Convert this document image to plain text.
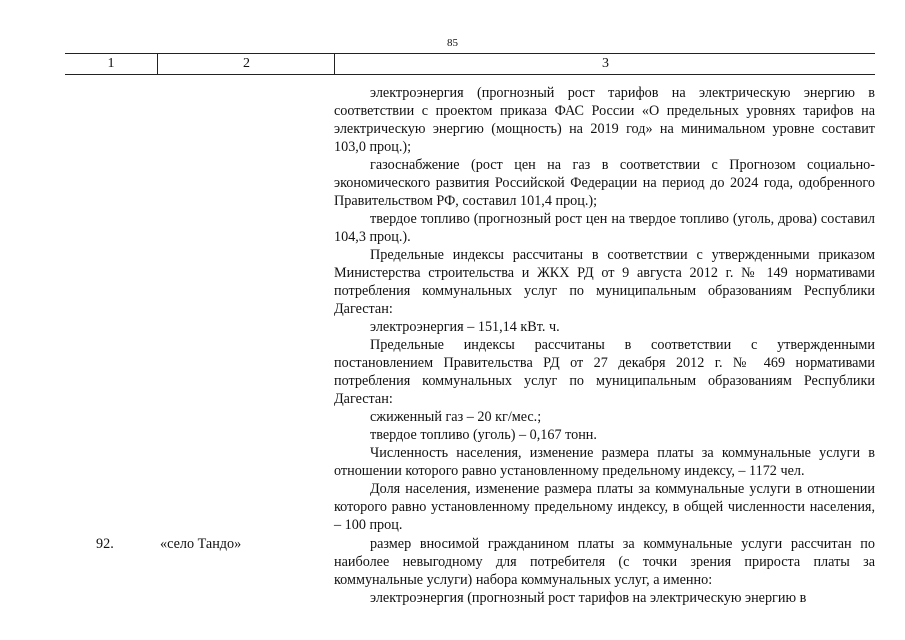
85
1	2	3

электроэнергия (прогнозный рост тарифов на электрическую энергию в соответствии с проектом приказа ФАС России «О предельных уровнях тарифов на электрическую энергию (мощность) на 2019 год» на минимальном уровне составит 103,0 проц.);

газоснабжение (рост цен на газ в соответствии с Прогнозом социально-экономического развития Российской Федерации на период до 2024 года, одобренного Правительством РФ, составил 101,4 проц.);

твердое топливо (прогнозный рост цен на твердое топливо (уголь, дрова) составил 104,3 проц.).

Предельные индексы рассчитаны в соответствии с утвержденными приказом Министерства строительства и ЖКХ РД от 9 августа 2012 г. № 149 нормативами потребления коммунальных услуг по муниципальным образованиям Республики Дагестан:

электроэнергия – 151,14 кВт. ч.

Предельные индексы рассчитаны в соответствии с утвержденными постановлением Правительства РД от 27 декабря 2012 г. № 469 нормативами потребления коммунальных услуг по муниципальным образованиям Республики Дагестан:

сжиженный газ – 20 кг/мес.;

твердое топливо (уголь) – 0,167 тонн.

Численность населения, изменение размера платы за коммунальные услуги в отношении которого равно установленному предельному индексу, – 1172 чел.

Доля населения, изменение размера платы за коммунальные услуги в отношении которого равно установленному предельному индексу, в общей численности населения, – 100 проц.

92.	«село Тандо»	размер вносимой гражданином платы за коммунальные услуги рассчитан по наиболее невыгодному для потребителя (с точки зрения прироста платы за коммунальные услуги) набора коммунальных услуг, а именно:

электроэнергия (прогнозный рост тарифов на электрическую энергию в
